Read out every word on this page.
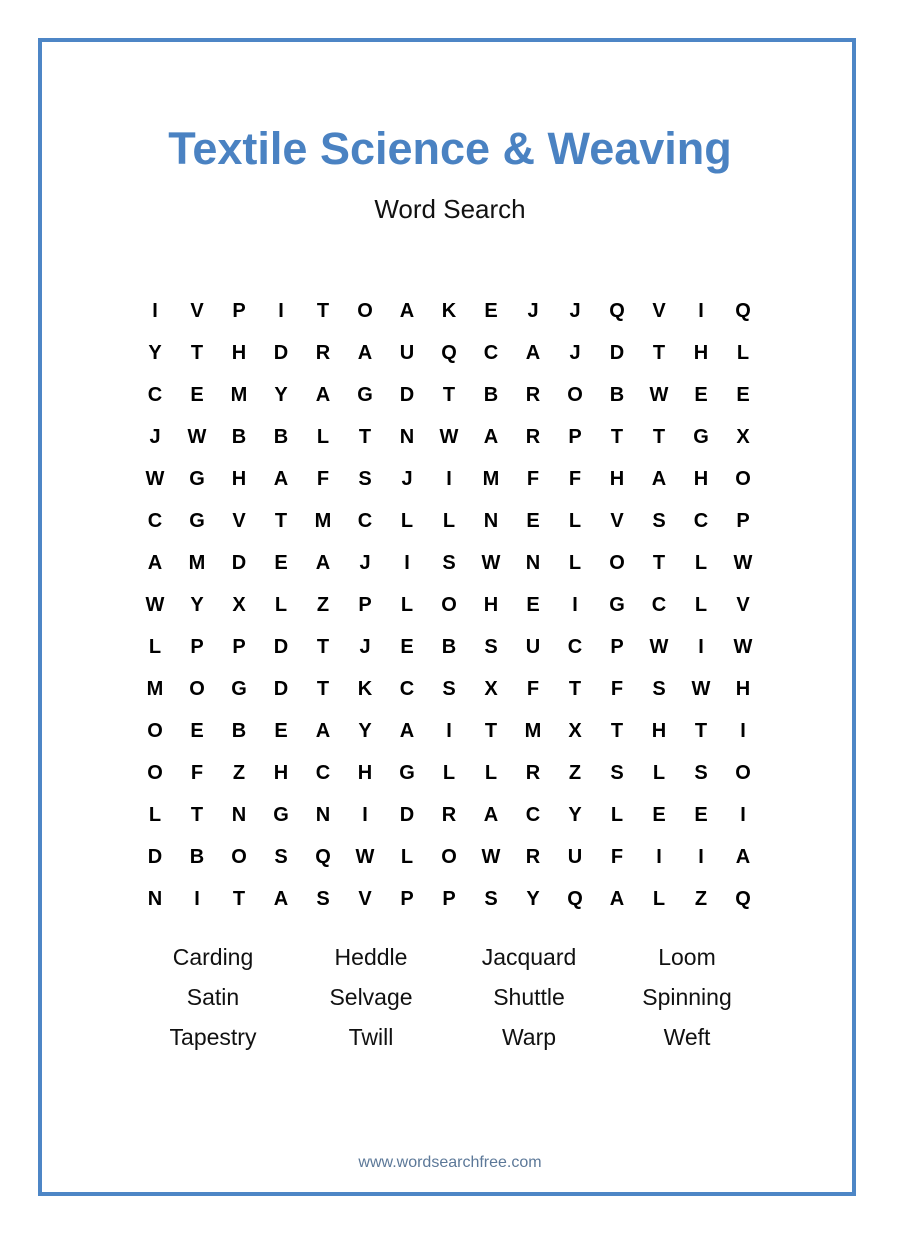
Textile Science & Weaving
Word Search
I	V	P	I	T	O	A	K	E	J	J	Q	V	I	Q
Y	T	H	D	R	A	U	Q	C	A	J	D	T	H	L
C	E	M	Y	A	G	D	T	B	R	O	B	W	E	E
J	W	B	B	L	T	N	W	A	R	P	T	T	G	X
W	G	H	A	F	S	J	I	M	F	F	H	A	H	O
C	G	V	T	M	C	L	L	N	E	L	V	S	C	P
A	M	D	E	A	J	I	S	W	N	L	O	T	L	W
W	Y	X	L	Z	P	L	O	H	E	I	G	C	L	V
L	P	P	D	T	J	E	B	S	U	C	P	W	I	W
M	O	G	D	T	K	C	S	X	F	T	F	S	W	H
O	E	B	E	A	Y	A	I	T	M	X	T	H	T	I
O	F	Z	H	C	H	G	L	L	R	Z	S	L	S	O
L	T	N	G	N	I	D	R	A	C	Y	L	E	E	I
D	B	O	S	Q	W	L	O	W	R	U	F	I	I	A
N	I	T	A	S	V	P	P	S	Y	Q	A	L	Z	Q
Carding	Heddle	Jacquard	Loom
Satin	Selvage	Shuttle	Spinning
Tapestry	Twill	Warp	Weft
www.wordsearchfree.com
